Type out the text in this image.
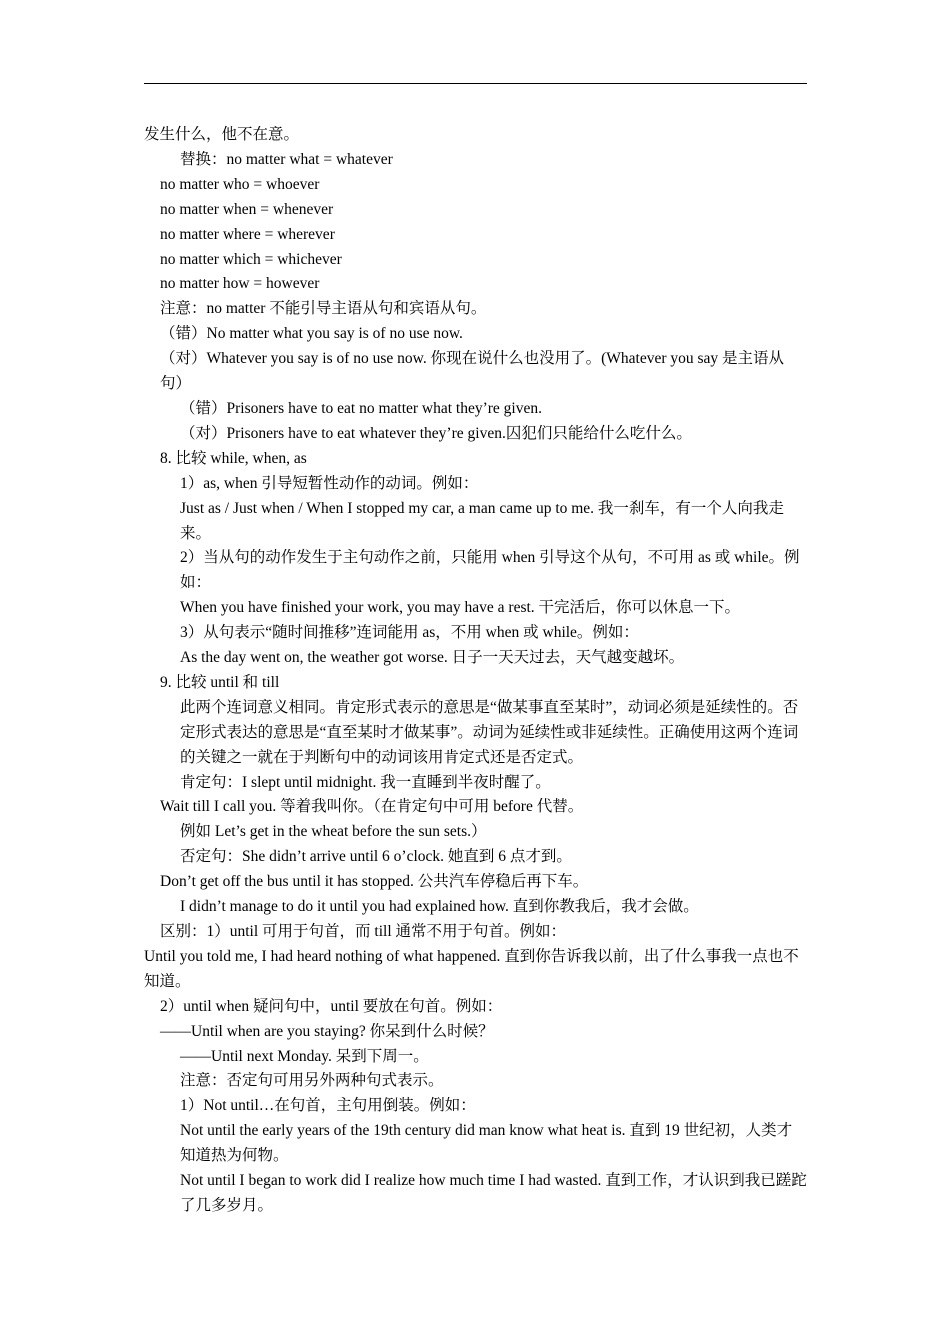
发生什么，他不在意。
替换：no matter what = whatever
no matter who = whoever
no matter when = whenever
no matter where = wherever
no matter which = whichever
no matter how = however
注意：no matter 不能引导主语从句和宾语从句。
（错）No matter what you say is of no use now.
（对）Whatever you say is of no use now. 你现在说什么也没用了。(Whatever you say 是主语从句）
（错）Prisoners have to eat no matter what they’re given.
（对）Prisoners have to eat whatever they’re given.囚犯们只能给什么吃什么。
8. 比较 while, when, as
1）as, when 引导短暂性动作的动词。例如：
Just as / Just when / When I stopped my car, a man came up to me. 我一刹车，有一个人向我走来。
2）当从句的动作发生于主句动作之前，只能用 when 引导这个从句，不可用 as 或 while。例如：
When you have finished your work, you may have a rest. 干完活后，你可以休息一下。
3）从句表示“随时间推移”连词能用 as，不用 when 或 while。例如：
As the day went on, the weather got worse. 日子一天天过去，天气越变越坏。
9. 比较 until 和 till
此两个连词意义相同。肯定形式表示的意思是“做某事直至某时”，动词必须是延续性的。否定形式表达的意思是“直至某时才做某事”。动词为延续性或非延续性。正确使用这两个连词的关键之一就在于判断句中的动词该用肯定式还是否定式。
肯定句：I slept until midnight. 我一直睡到半夜时醒了。
Wait till I call you. 等着我叫你。（在肯定句中可用 before 代替。
例如 Let’s get in the wheat before the sun sets.）
否定句：She didn’t arrive until 6 o’clock. 她直到 6 点才到。
Don’t get off the bus until it has stopped. 公共汽车停稳后再下车。
I didn’t manage to do it until you had explained how. 直到你教我后，我才会做。
区别：1）until 可用于句首，而 till 通常不用于句首。例如：
Until you told me, I had heard nothing of what happened. 直到你告诉我以前，出了什么事我一点也不知道。
2）until when 疑问句中，until 要放在句首。例如：
——Until when are you staying? 你呆到什么时候？
——Until next Monday. 呆到下周一。
注意：否定句可用另外两种句式表示。
1）Not until…在句首，主句用倒装。例如：
Not until the early years of the 19th century did man know what heat is. 直到 19 世纪初，人类才知道热为何物。
Not until I began to work did I realize how much time I had wasted. 直到工作，才认识到我已蹉跎了几多岁月。
